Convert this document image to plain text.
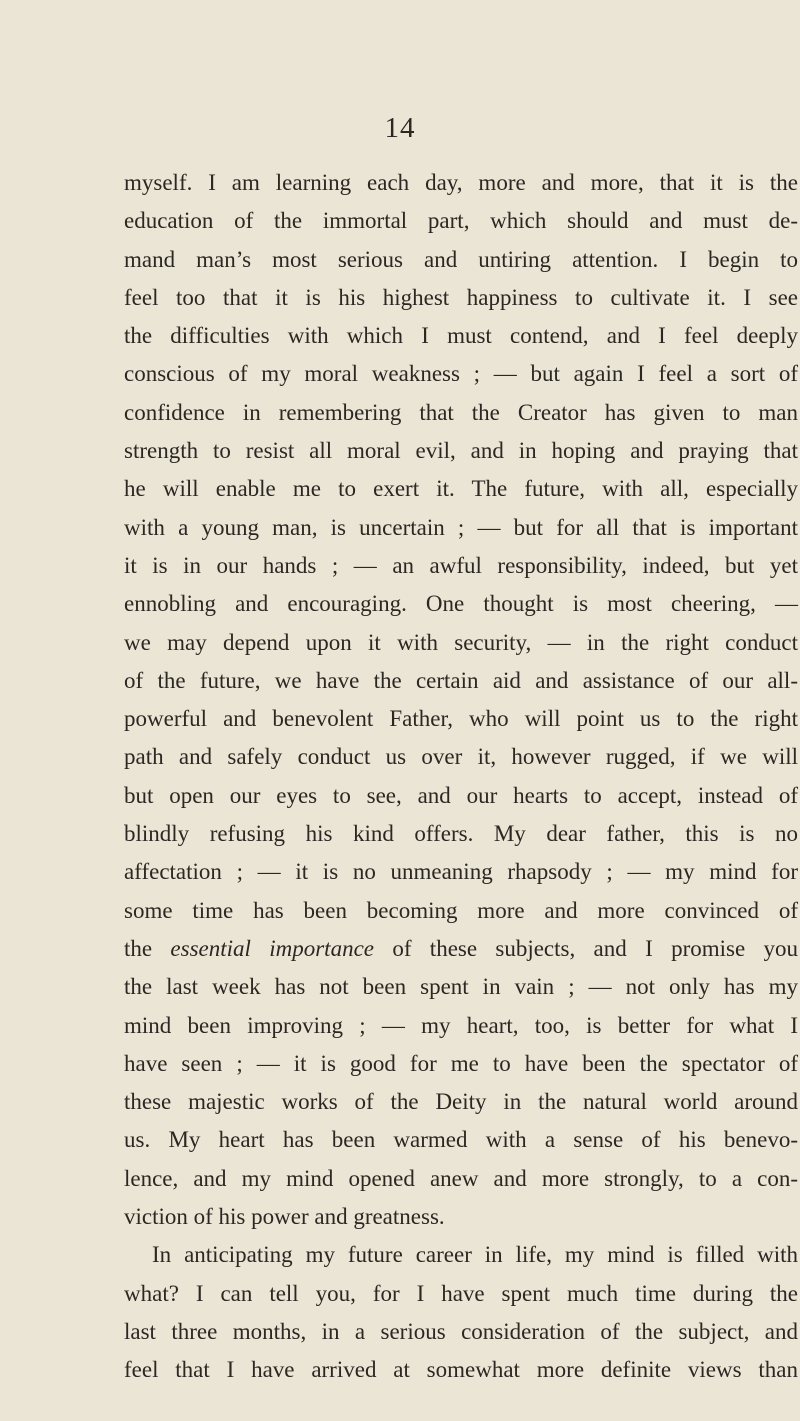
14
myself. I am learning each day, more and more, that it is the
education of the immortal part, which should and must de-
mand man’s most serious and untiring attention. I begin to
feel too that it is his highest happiness to cultivate it. I see
the difficulties with which I must contend, and I feel deeply
conscious of my moral weakness ; — but again I feel a sort of
confidence in remembering that the Creator has given to man
strength to resist all moral evil, and in hoping and praying that
he will enable me to exert it. The future, with all, especially
with a young man, is uncertain ; — but for all that is important
it is in our hands ; — an awful responsibility, indeed, but yet
ennobling and encouraging. One thought is most cheering, —
we may depend upon it with security, — in the right conduct
of the future, we have the certain aid and assistance of our all-
powerful and benevolent Father, who will point us to the right
path and safely conduct us over it, however rugged, if we will
but open our eyes to see, and our hearts to accept, instead of
blindly refusing his kind offers. My dear father, this is no
affectation ; — it is no unmeaning rhapsody ; — my mind for
some time has been becoming more and more convinced of
the essential importance of these subjects, and I promise you
the last week has not been spent in vain ; — not only has my
mind been improving ; — my heart, too, is better for what I
have seen ; — it is good for me to have been the spectator of
these majestic works of the Deity in the natural world around
us. My heart has been warmed with a sense of his benevo-
lence, and my mind opened anew and more strongly, to a con-
viction of his power and greatness.
In anticipating my future career in life, my mind is filled with
what? I can tell you, for I have spent much time during the
last three months, in a serious consideration of the subject, and
feel that I have arrived at somewhat more definite views than
